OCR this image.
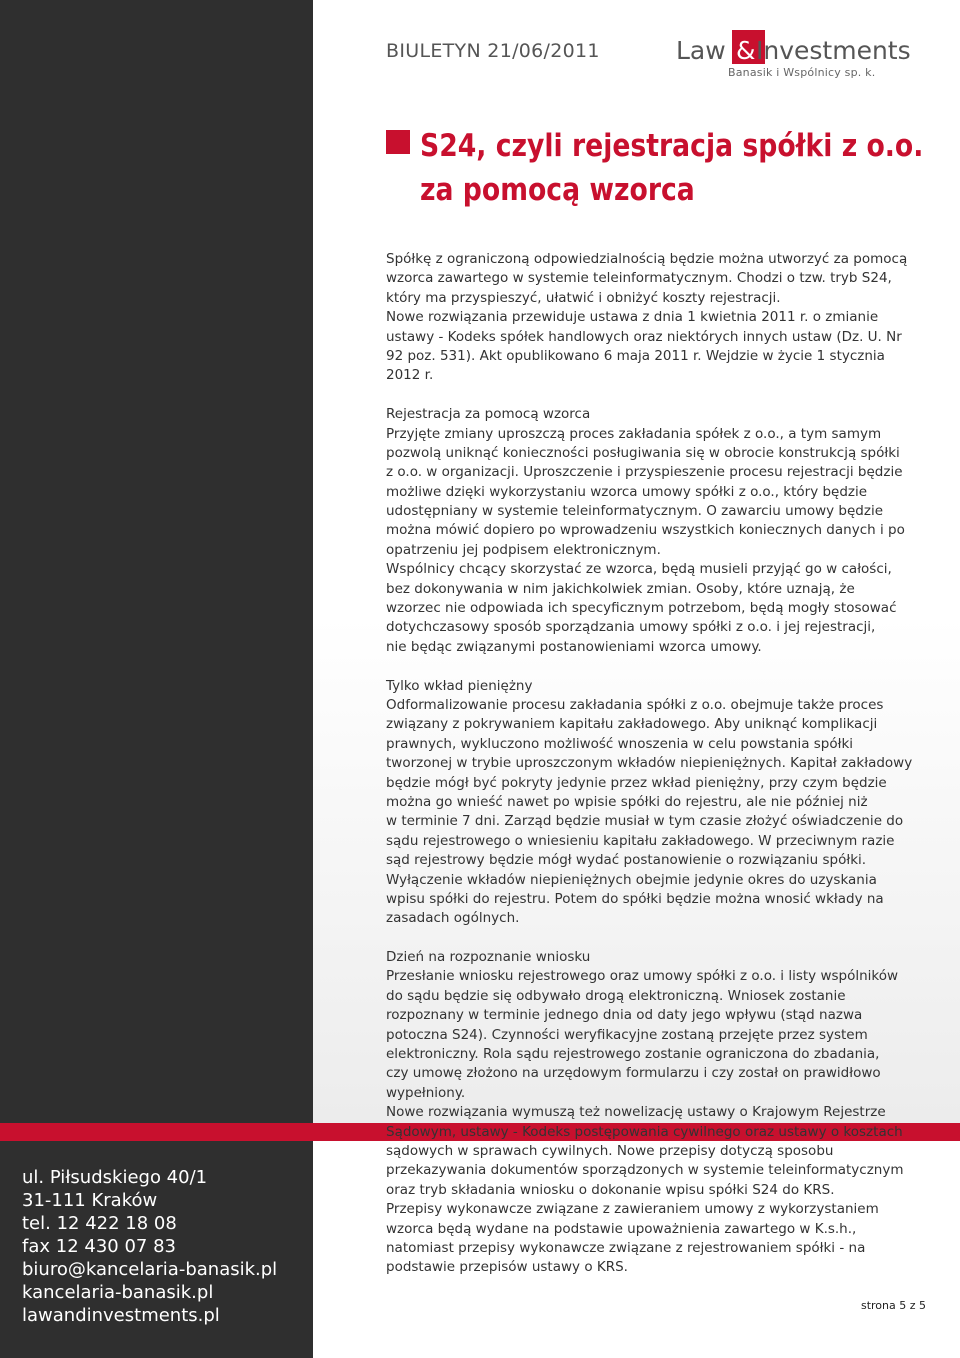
ul. Piłsudskiego 40/1
31-111 Kraków
tel. 12 422 18 08
fax 12 430 07 83
biuro@kancelaria-banasik.pl
kancelaria-banasik.pl
lawandinvestments.pl
BIULETYN 21/06/2011	Law & Investments
Banasik i Wspólnicy sp. k.
S24, czyli rejestracja spółki z o.o.
za pomocą wzorca
Spółkę z ograniczoną odpowiedzialnością będzie można utworzyć za pomocą
wzorca zawartego w systemie teleinformatycznym. Chodzi o tzw. tryb S24,
który ma przyspieszyć, ułatwić i obniżyć koszty rejestracji.
Nowe rozwiązania przewiduje ustawa z dnia 1 kwietnia 2011 r. o zmianie
ustawy - Kodeks spółek handlowych oraz niektórych innych ustaw (Dz. U. Nr
92 poz. 531). Akt opublikowano 6 maja 2011 r. Wejdzie w życie 1 stycznia
2012 r.
Rejestracja za pomocą wzorca
Przyjęte zmiany uproszczą proces zakładania spółek z o.o., a tym samym
pozwolą uniknąć konieczności posługiwania się w obrocie konstrukcją spółki
z o.o. w organizacji. Uproszczenie i przyspieszenie procesu rejestracji będzie
możliwe dzięki wykorzystaniu wzorca umowy spółki z o.o., który będzie
udostępniany w systemie teleinformatycznym. O zawarciu umowy będzie
można mówić dopiero po wprowadzeniu wszystkich koniecznych danych i po
opatrzeniu jej podpisem elektronicznym.
Wspólnicy chcący skorzystać ze wzorca, będą musieli przyjąć go w całości,
bez dokonywania w nim jakichkolwiek zmian. Osoby, które uznają, że
wzorzec nie odpowiada ich specyficznym potrzebom, będą mogły stosować
dotychczasowy sposób sporządzania umowy spółki z o.o. i jej rejestracji,
nie będąc związanymi postanowieniami wzorca umowy.
Tylko wkład pieniężny
Odformalizowanie procesu zakładania spółki z o.o. obejmuje także proces
związany z pokrywaniem kapitału zakładowego. Aby uniknąć komplikacji
prawnych, wykluczono możliwość wnoszenia w celu powstania spółki
tworzonej w trybie uproszczonym wkładów niepieniężnych. Kapitał zakładowy
będzie mógł być pokryty jedynie przez wkład pieniężny, przy czym będzie
można go wnieść nawet po wpisie spółki do rejestru, ale nie później niż
w terminie 7 dni. Zarząd będzie musiał w tym czasie złożyć oświadczenie do
sądu rejestrowego o wniesieniu kapitału zakładowego. W przeciwnym razie
sąd rejestrowy będzie mógł wydać postanowienie o rozwiązaniu spółki.
Wyłączenie wkładów niepieniężnych obejmie jedynie okres do uzyskania
wpisu spółki do rejestru. Potem do spółki będzie można wnosić wkłady na
zasadach ogólnych.
Dzień na rozpoznanie wniosku
Przesłanie wniosku rejestrowego oraz umowy spółki z o.o. i listy wspólników
do sądu będzie się odbywało drogą elektroniczną. Wniosek zostanie
rozpoznany w terminie jednego dnia od daty jego wpływu (stąd nazwa
potoczna S24). Czynności weryfikacyjne zostaną przejęte przez system
elektroniczny. Rola sądu rejestrowego zostanie ograniczona do zbadania,
czy umowę złożono na urzędowym formularzu i czy został on prawidłowo
wypełniony.
Nowe rozwiązania wymuszą też nowelizację ustawy o Krajowym Rejestrze
Sądowym, ustawy - Kodeks postępowania cywilnego oraz ustawy o kosztach
sądowych w sprawach cywilnych. Nowe przepisy dotyczą sposobu
przekazywania dokumentów sporządzonych w systemie teleinformatycznym
oraz tryb składania wniosku o dokonanie wpisu spółki S24 do KRS.
Przepisy wykonawcze związane z zawieraniem umowy z wykorzystaniem
wzorca będą wydane na podstawie upoważnienia zawartego w K.s.h.,
natomiast przepisy wykonawcze związane z rejestrowaniem spółki - na
podstawie przepisów ustawy o KRS.
strona 5 z 5
